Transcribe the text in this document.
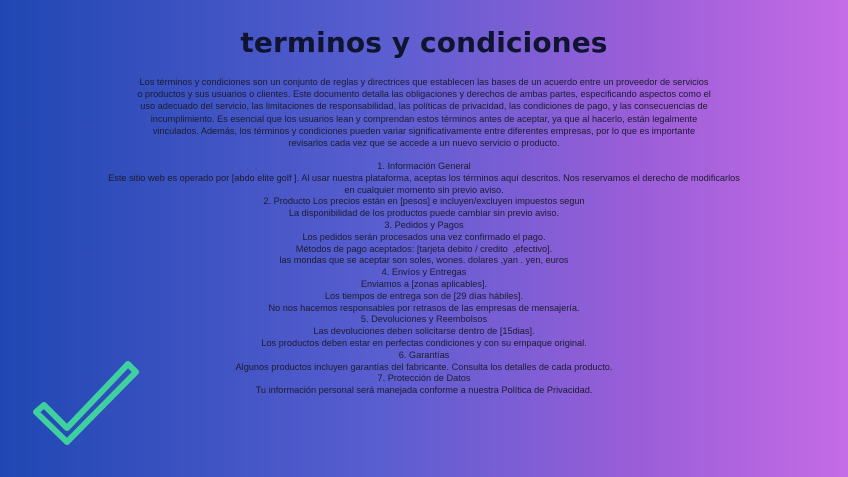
terminos y condiciones
Los términos y condiciones son un conjunto de reglas y directrices que establecen las bases de un acuerdo entre un proveedor de servicios o productos y sus usuarios o clientes. Este documento detalla las obligaciones y derechos de ambas partes, especificando aspectos como el uso adecuado del servicio, las limitaciones de responsabilidad, las políticas de privacidad, las condiciones de pago, y las consecuencias de incumplimiento. Es esencial que los usuarios lean y comprendan estos términos antes de aceptar, ya que al hacerlo, están legalmente vinculados. Además, los términos y condiciones pueden variar significativamente entre diferentes empresas, por lo que es importante revisarlos cada vez que se accede a un nuevo servicio o producto.
1. Información General
Este sitio web es operado por [abdo elite golf ]. Al usar nuestra plataforma, aceptas los términos aquí descritos. Nos reservamos el derecho de modificarlos en cualquier momento sin previo aviso.
2. Producto Los precios están en [pesos] e incluyen/excluyen impuestos segun
La disponibilidad de los productos puede cambiar sin previo aviso.
3. Pedidos y Pagos
Los pedidos serán procesados una vez confirmado el pago.
Métodos de pago aceptados: [tarjeta debito / credito  ,efectivo].
las mondas que se aceptar son soles, wones. dolares ,yan . yen, euros
4. Envíos y Entregas
Enviamos a [zonas aplicables].
Los tiempos de entrega son de [29 días hábiles].
No nos hacemos responsables por retrasos de las empresas de mensajería.
5. Devoluciones y Reembolsos
Las devoluciones deben solicitarse dentro de [15dias].
Los productos deben estar en perfectas condiciones y con su empaque original.
6. Garantías
Algunos productos incluyen garantías del fabricante. Consulta los detalles de cada producto.
7. Protección de Datos
Tu información personal será manejada conforme a nuestra Política de Privacidad.
